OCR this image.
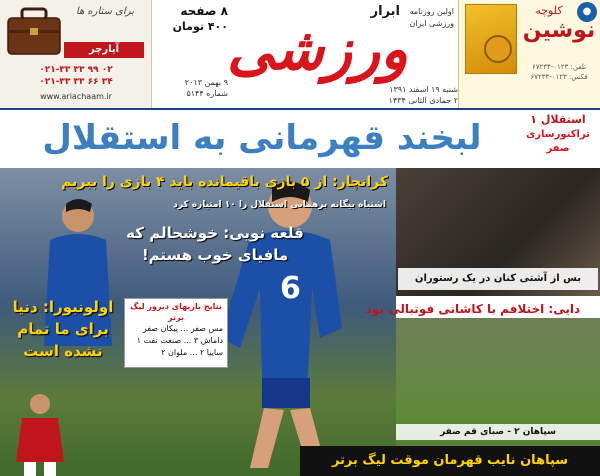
برای ستاره ها
آیارچر
۰۲۱-۳۳ ۳۳ ۹۹ ۰۲
۰۲۱-۳۳ ۳۳ ۶۶ ۳۴
www.ariachaam.ir
۸ صفحه
۴۰۰ تومان
۹ بهمن ۲۰۱۳
شماره ۵۱۴۴
ورزشی
ابرار	اولین روزنامه ورزشی ایران
شنبه ۱۹ اسفند ۱۳۹۱
۲ جمادی الثانی ۱۴۳۴
کلوچه	●
نوشین
تلفن: ۰۱۲۳-۶۷۲۳۴
فکس: ۰۱۲۳-۶۷۲۳۴
لبخند قهرمانی به استقلال	استقلال ۱
تراکتورسازی صفر
6
کرانچار: از ۵ بازی باقیمانده باید ۴ بازی را ببریم
اشتباه بیگانه برهمانی استقلال را ۱۰ امتیازه کرد
قلعه نویی: خوشحالم که
مافیای خوب هستم!
اولونبورا: دنیا
برای ما تمام
نشده است
نتایج بازیهای دیروز لیگ برتر
مس صفر ... پیکان صفر
داماش ۳ ... صنعت نفت ۱
سایپا ۲ ... ملوان ۲
بس از آشتی کنان در یک رستوران
دایی: اختلافم با کاشانی فوتبالی بود
سپاهان ۲ - صبای قم صفر
سپاهان نایب قهرمان موقت لیگ برتر
